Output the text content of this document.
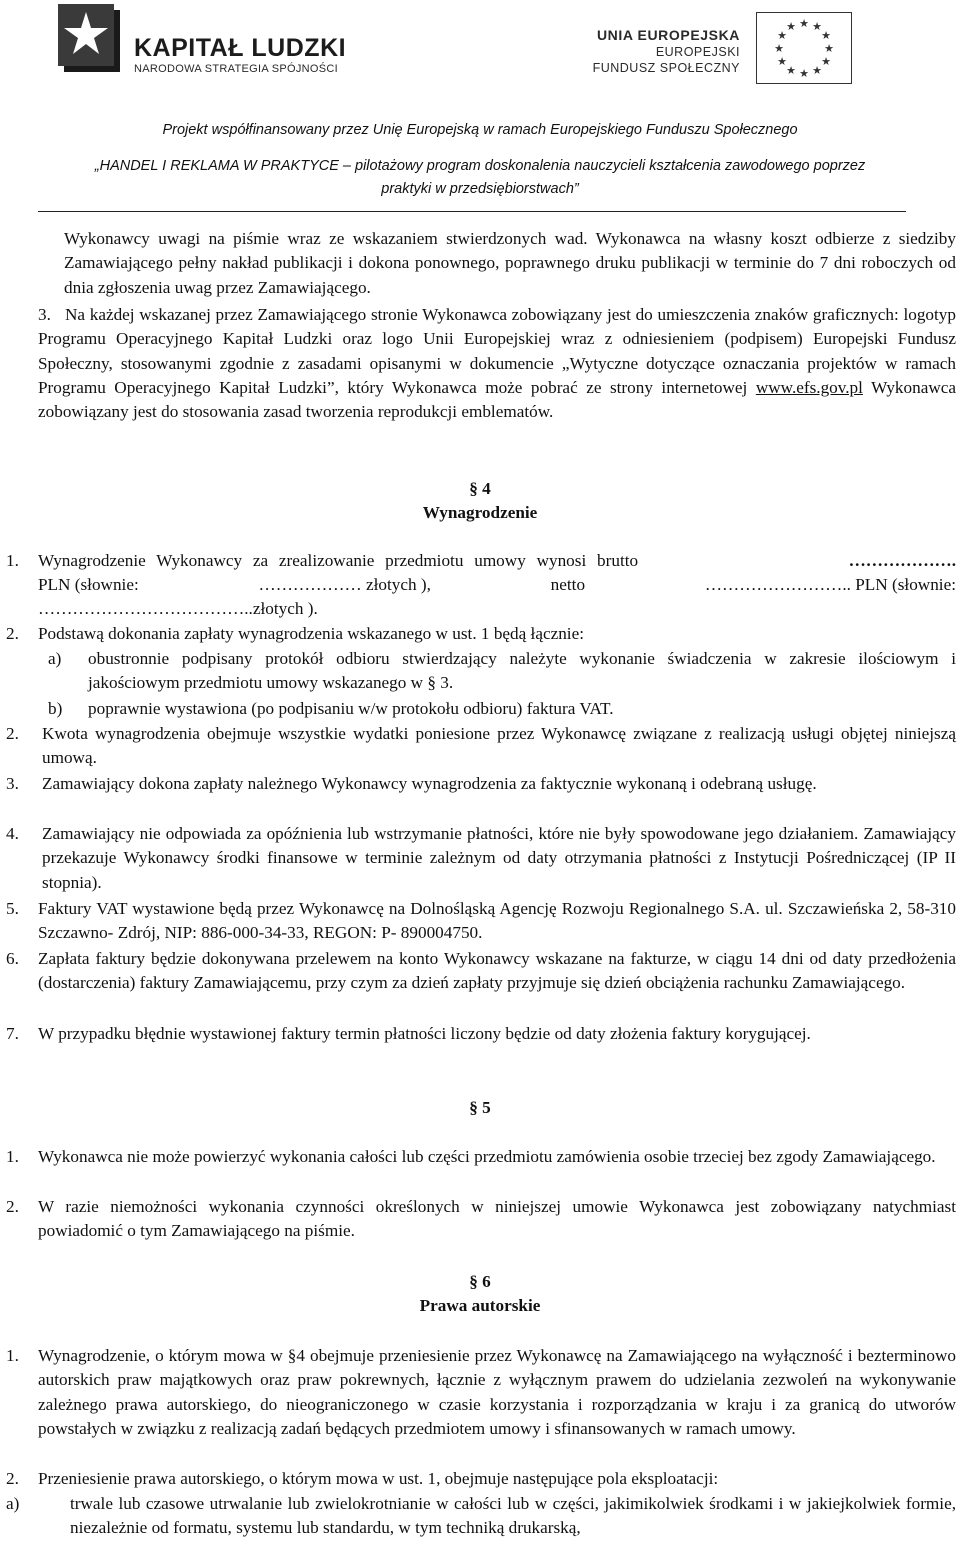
KAPITAŁ LUDZKI
NARODOWA STRATEGIA SPÓJNOŚCI
UNIA EUROPEJSKA
EUROPEJSKI
FUNDUSZ SPOŁECZNY
★ ★
★
★
★
★
★
★
★
★
★
★
Projekt współfinansowany przez Unię Europejską w ramach Europejskiego Funduszu Społecznego
„HANDEL I REKLAMA W PRAKTYCE – pilotażowy program doskonalenia nauczycieli kształcenia zawodowego poprzez
praktyki w przedsiębiorstwach”
Wykonawcy uwagi na piśmie wraz ze wskazaniem stwierdzonych wad. Wykonawca na własny koszt odbierze z siedziby Zamawiającego pełny nakład publikacji i dokona ponownego, poprawnego druku publikacji w terminie do 7 dni roboczych od dnia zgłoszenia uwag przez Zamawiającego.
3. Na każdej wskazanej przez Zamawiającego stronie Wykonawca zobowiązany jest do umieszczenia znaków graficznych: logotyp Programu Operacyjnego Kapitał Ludzki oraz logo Unii Europejskiej wraz z odniesieniem (podpisem) Europejski Fundusz Społeczny, stosowanymi zgodnie z zasadami opisanymi w dokumencie „Wytyczne dotyczące oznaczania projektów w ramach Programu Operacyjnego Kapitał Ludzki”, który Wykonawca może pobrać ze strony internetowej www.efs.gov.pl Wykonawca zobowiązany jest do stosowania zasad tworzenia reprodukcji emblematów.
§ 4
Wynagrodzenie
1. Wynagrodzenie Wykonawcy za zrealizowanie przedmiotu umowy wynosi brutto	……………….
PLN (słownie:	……………… złotych ),	netto	…………………….. PLN (słownie:
………………………………..złotych ).
2. Podstawą dokonania zapłaty wynagrodzenia wskazanego w ust. 1 będą łącznie:
a) obustronnie podpisany protokół odbioru stwierdzający należyte wykonanie świadczenia w zakresie ilościowym i jakościowym przedmiotu umowy wskazanego w § 3.
b) poprawnie wystawiona (po podpisaniu w/w protokołu odbioru) faktura VAT.
2. Kwota wynagrodzenia obejmuje wszystkie wydatki poniesione przez Wykonawcę związane z realizacją usługi objętej niniejszą umową.
3. Zamawiający dokona zapłaty należnego Wykonawcy wynagrodzenia za faktycznie wykonaną i odebraną usługę.
4. Zamawiający nie odpowiada za opóźnienia lub wstrzymanie płatności, które nie były spowodowane jego działaniem. Zamawiający przekazuje Wykonawcy środki finansowe w terminie zależnym od daty otrzymania płatności z Instytucji Pośredniczącej (IP II stopnia).
5. Faktury VAT wystawione będą przez Wykonawcę na Dolnośląską Agencję Rozwoju Regionalnego S.A. ul. Szczawieńska 2, 58-310 Szczawno- Zdrój, NIP: 886-000-34-33, REGON: P- 890004750.
6. Zapłata faktury będzie dokonywana przelewem na konto Wykonawcy wskazane na fakturze, w ciągu 14 dni od daty przedłożenia (dostarczenia) faktury Zamawiającemu, przy czym za dzień zapłaty przyjmuje się dzień obciążenia rachunku Zamawiającego.
7. W przypadku błędnie wystawionej faktury termin płatności liczony będzie od daty złożenia faktury korygującej.
§ 5
1. Wykonawca nie może powierzyć wykonania całości lub części przedmiotu zamówienia osobie trzeciej bez zgody Zamawiającego.
2. W razie niemożności wykonania czynności określonych w niniejszej umowie Wykonawca jest zobowiązany natychmiast powiadomić o tym Zamawiającego na piśmie.
§ 6
Prawa autorskie
1. Wynagrodzenie, o którym mowa w §4 obejmuje przeniesienie przez Wykonawcę na Zamawiającego na wyłączność i bezterminowo autorskich praw majątkowych oraz praw pokrewnych, łącznie z wyłącznym prawem do udzielania zezwoleń na wykonywanie zależnego prawa autorskiego, do nieograniczonego w czasie korzystania i rozporządzania w kraju i za granicą do utworów powstałych w związku z realizacją zadań będących przedmiotem umowy i sfinansowanych w ramach umowy.
2. Przeniesienie prawa autorskiego, o którym mowa w ust. 1, obejmuje następujące pola eksploatacji:
a)	trwale lub czasowe utrwalanie lub zwielokrotnianie w całości lub w części, jakimikolwiek środkami i w jakiejkolwiek formie, niezależnie od formatu, systemu lub standardu, w tym techniką drukarską,
